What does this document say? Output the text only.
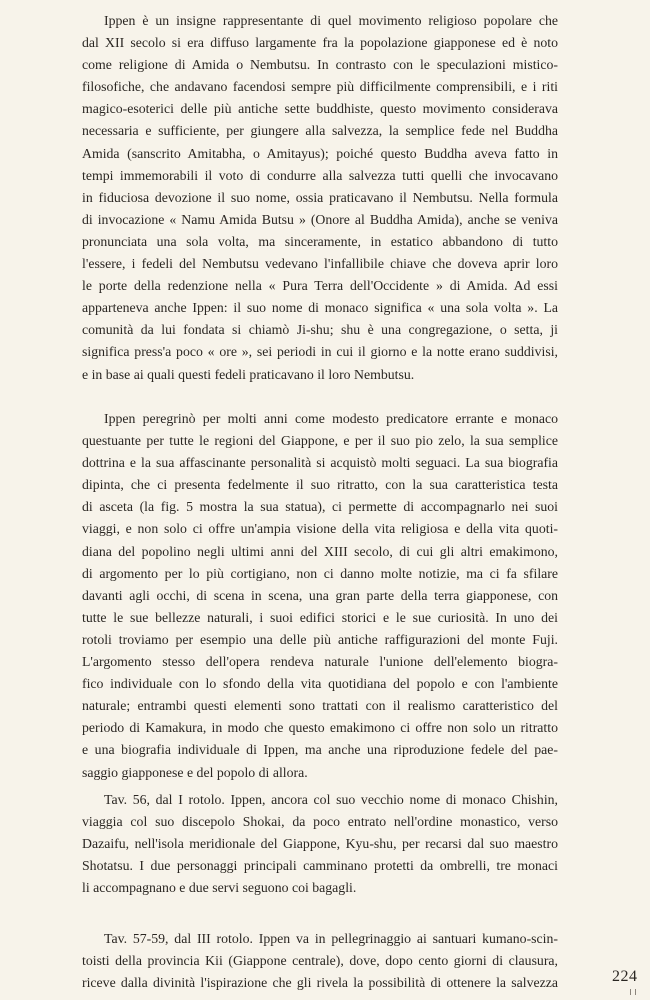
Ippen è un insigne rappresentante di quel movimento religioso popolare che
dal XII secolo si era diffuso largamente fra la popolazione giapponese ed è noto
come religione di Amida o Nembutsu. In contrasto con le speculazioni mistico-
filosofiche, che andavano facendosi sempre più difficilmente comprensibili, e i riti
magico-esoterici delle più antiche sette buddhiste, questo movimento considerava
necessaria e sufficiente, per giungere alla salvezza, la semplice fede nel Buddha
Amida (sanscrito Amitabha, o Amitayus); poiché questo Buddha aveva fatto in
tempi immemorabili il voto di condurre alla salvezza tutti quelli che invocavano
in fiduciosa devozione il suo nome, ossia praticavano il Nembutsu. Nella formula
di invocazione « Namu Amida Butsu » (Onore al Buddha Amida), anche se veniva
pronunciata una sola volta, ma sinceramente, in estatico abbandono di tutto
l'essere, i fedeli del Nembutsu vedevano l'infallibile chiave che doveva aprir loro
le porte della redenzione nella « Pura Terra dell'Occidente » di Amida. Ad essi
apparteneva anche Ippen: il suo nome di monaco significa « una sola volta ». La
comunità da lui fondata si chiamò Ji-shu; shu è una congregazione, o setta, ji
significa press'a poco « ore », sei periodi in cui il giorno e la notte erano suddivisi,
e in base ai quali questi fedeli praticavano il loro Nembutsu.
Ippen peregrinò per molti anni come modesto predicatore errante e monaco
questuante per tutte le regioni del Giappone, e per il suo pio zelo, la sua semplice
dottrina e la sua affascinante personalità si acquistò molti seguaci. La sua biografia
dipinta, che ci presenta fedelmente il suo ritratto, con la sua caratteristica testa
di asceta (la fig. 5 mostra la sua statua), ci permette di accompagnarlo nei suoi
viaggi, e non solo ci offre un'ampia visione della vita religiosa e della vita quoti-
diana del popolino negli ultimi anni del XIII secolo, di cui gli altri emakimono,
di argomento per lo più cortigiano, non ci danno molte notizie, ma ci fa sfilare
davanti agli occhi, di scena in scena, una gran parte della terra giapponese, con
tutte le sue bellezze naturali, i suoi edifici storici e le sue curiosità. In uno dei
rotoli troviamo per esempio una delle più antiche raffigurazioni del monte Fuji.
L'argomento stesso dell'opera rendeva naturale l'unione dell'elemento biogra-
fico individuale con lo sfondo della vita quotidiana del popolo e con l'ambiente
naturale; entrambi questi elementi sono trattati con il realismo caratteristico del
periodo di Kamakura, in modo che questo emakimono ci offre non solo un ritratto
e una biografia individuale di Ippen, ma anche una riproduzione fedele del pae-
saggio giapponese e del popolo di allora.
Tav. 56, dal I rotolo. Ippen, ancora col suo vecchio nome di monaco Chishin,
viaggia col suo discepolo Shokai, da poco entrato nell'ordine monastico, verso
Dazaifu, nell'isola meridionale del Giappone, Kyu-shu, per recarsi dal suo maestro
Shotatsu. I due personaggi principali camminano protetti da ombrelli, tre monaci
li accompagnano e due servi seguono coi bagagli.
Tav. 57-59, dal III rotolo. Ippen va in pellegrinaggio ai santuari kumano-scin-
toisti della provincia Kii (Giappone centrale), dove, dopo cento giorni di clausura,
riceve dalla divinità l'ispirazione che gli rivela la possibilità di ottenere la salvezza	224
